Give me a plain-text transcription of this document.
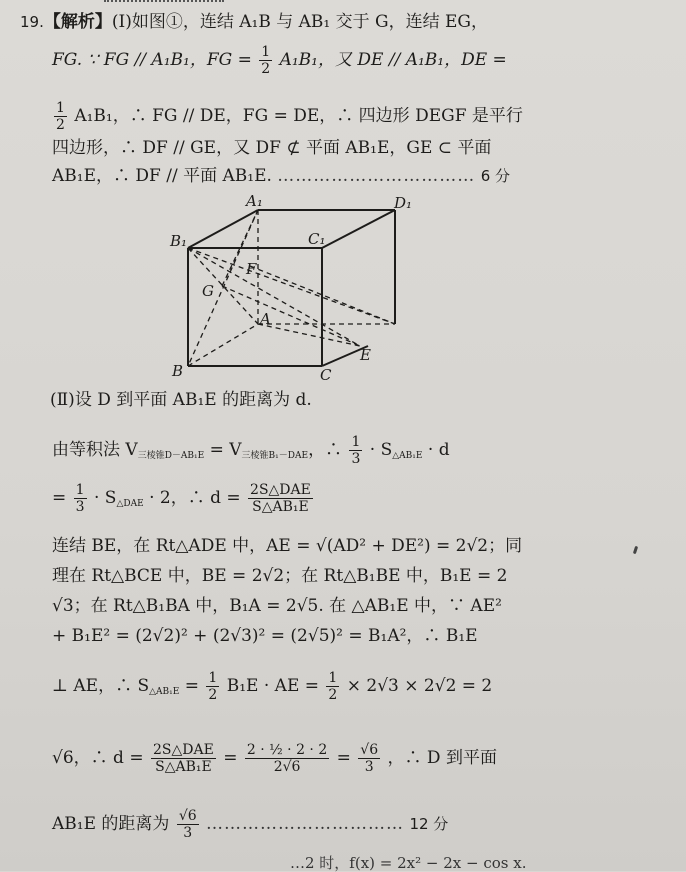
19.【解析】(Ⅰ)如图①，连结 A₁B 与 AB₁ 交于 G，连结 EG，
FG. ∵ FG // A₁B₁，FG = $\frac{1}{2} A_1B_1$，又 DE // A₁B₁，DE =
$\frac{1}{2} A_1B_1$，∴ FG // DE，FG = DE，∴ 四边形 DEGF 是平行
四边形，∴ DF // GE，又 DF ⊄ 平面 AB₁E，GE ⊂ 平面
AB₁E，∴ DF // 平面 AB₁E. …………………………… 6 分
A₁	D₁
B₁	C₁
F
G
A
B	C
E
(Ⅱ)设 D 到平面 AB₁E 的距离为 d.
由等积法 $V_{三棱锥D-AB_1E} = V_{三棱锥B_1-DAE}$，∴ $\frac{1}{3} \cdot S_{\triangle AB_1E} \cdot d$
= $\frac{1}{3} \cdot S_{\triangle DAE} \cdot 2$，∴ $d = \frac{\text{2S△DAE}}{\text{S△AB₁E}}$
连结 BE，在 Rt△ADE 中，AE = √(AD² + DE²) = 2√2；同
理在 Rt△BCE 中，BE = 2√2；在 Rt△B₁BE 中，B₁E = 2
√3；在 Rt△B₁BA 中，B₁A = 2√5. 在 △AB₁E 中，∵ AE²
+ B₁E² = (2√2)² + (2√3)² = (2√5)² = B₁A²，∴ B₁E
⊥ AE，∴ $S_{\triangle AB_1E} = \frac{1}{2} B_1E$ · AE = $\frac{1}{2} \times 2√3 \times 2√2 = 2$
√6，∴ $d = \frac{\text{2S△DAE}}{\text{S△AB₁E}} = \frac{\text{2 · ½ · 2 · 2}}{2√6} = \frac{√6}{3}$ ，∴ D 到平面
AB₁E 的距离为 $\frac{√6}{3}$ …………………………… 12 分
…2 时，f(x) = 2x² − 2x − cos x.
